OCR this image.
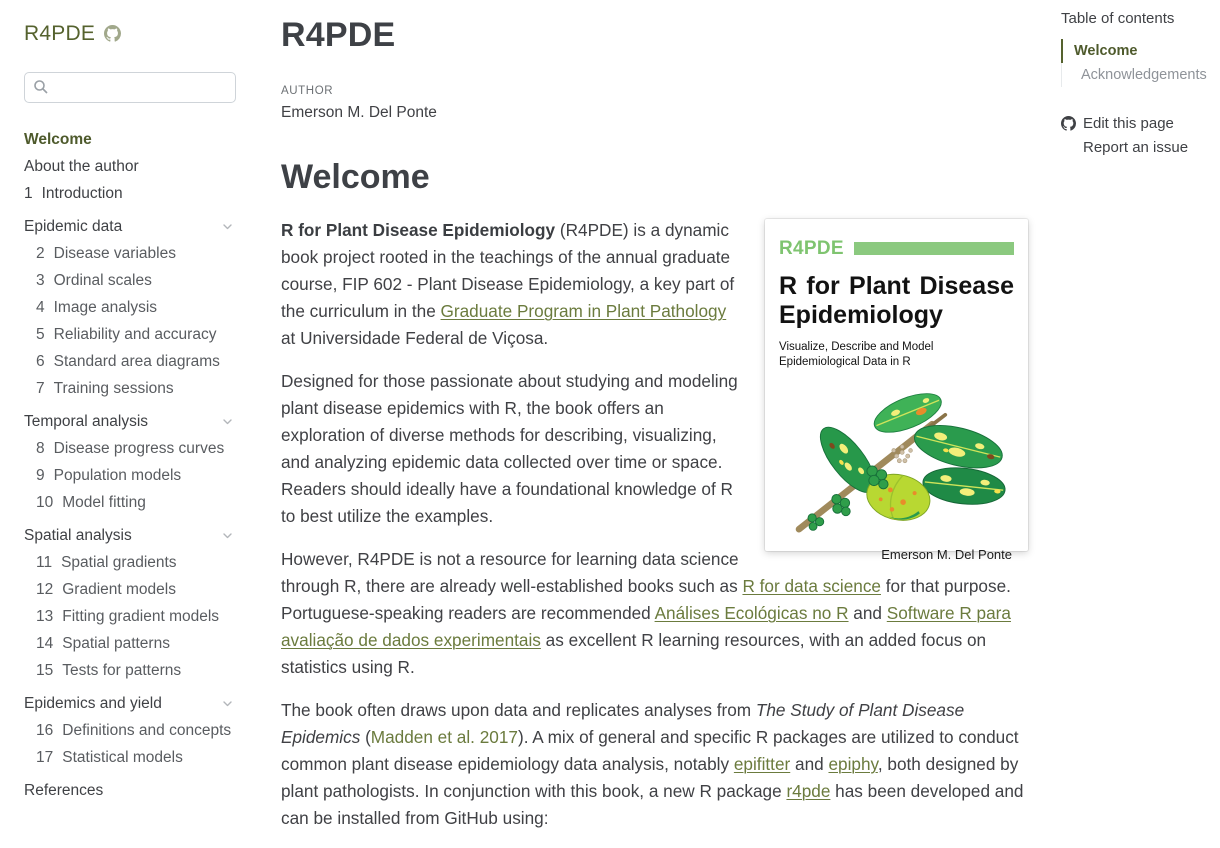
R4PDE
Welcome
About the author
1 Introduction
Epidemic data
2 Disease variables
3 Ordinal scales
4 Image analysis
5 Reliability and accuracy
6 Standard area diagrams
7 Training sessions
Temporal analysis
8 Disease progress curves
9 Population models
10 Model fitting
Spatial analysis
11 Spatial gradients
12 Gradient models
13 Fitting gradient models
14 Spatial patterns
15 Tests for patterns
Epidemics and yield
16 Definitions and concepts
17 Statistical models
References
R4PDE
AUTHOR
Emerson M. Del Ponte
Welcome
R4PDE
R for Plant Disease Epidemiology
Visualize, Describe and Model
Epidemiological Data in R
Emerson M. Del Ponte

R for Plant Disease Epidemiology (R4PDE) is a dynamic book project rooted in the teachings of the annual graduate course, FIP 602 - Plant Disease Epidemiology, a key part of the curriculum in the Graduate Program in Plant Pathology at Universidade Federal de Viçosa.

Designed for those passionate about studying and modeling plant disease epidemics with R, the book offers an exploration of diverse methods for describing, visualizing, and analyzing epidemic data collected over time or space. Readers should ideally have a foundational knowledge of R to best utilize the examples.

However, R4PDE is not a resource for learning data science through R, there are already well-established books such as R for data science for that purpose. Portuguese-speaking readers are recommended Análises Ecológicas no R and Software R para avaliação de dados experimentais as excellent R learning resources, with an added focus on statistics using R.

The book often draws upon data and replicates analyses from The Study of Plant Disease Epidemics (Madden et al. 2017). A mix of general and specific R packages are utilized to conduct common plant disease epidemiology data analysis, notably epifitter and epiphy, both designed by plant pathologists. In conjunction with this book, a new R package r4pde has been developed and can be installed from GitHub using:

Table of contents
Welcome
Acknowledgements
Edit this page
Report an issue
